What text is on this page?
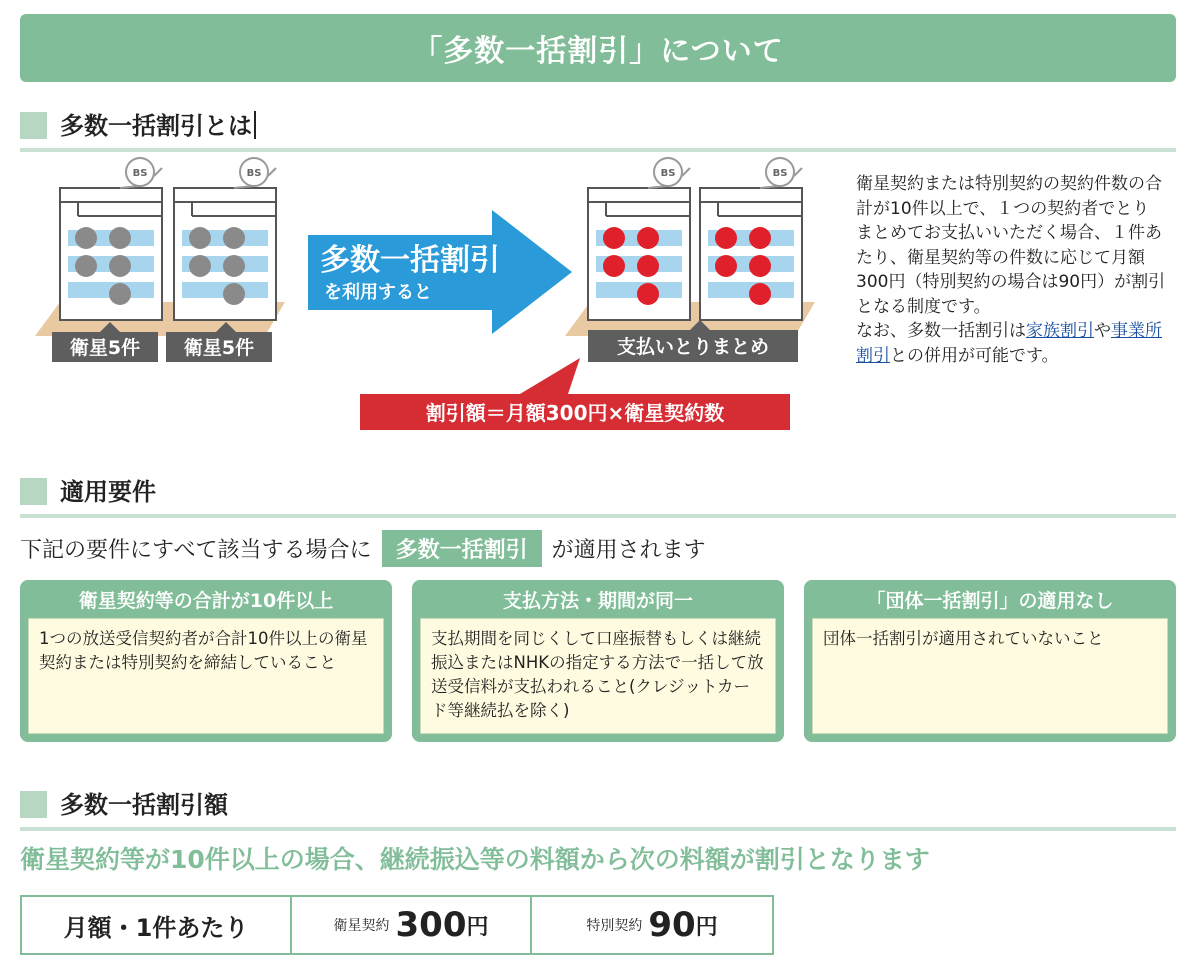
「多数一括割引」について
多数一括割引とは
BS	BS
衛星5件 衛星5件
多数一括割引
を利用すると
BS	BS
支払いとりまとめ
割引額＝月額300円×衛星契約数

衛星契約または特別契約の契約件数の合計が10件以上で、１つの契約者でとりまとめてお支払いいただく場合、１件あたり、衛星契約等の件数に応じて月額300円（特別契約の場合は90円）が割引となる制度です。

なお、多数一括割引は家族割引や事業所割引との併用が可能です。

適用要件
下記の要件にすべて該当する場合に	多数一括割引	が適用されます
衛星契約等の合計が10件以上
1つの放送受信契約者が合計10件以上の衛星契約または特別契約を締結していること
支払方法・期間が同一
支払期間を同じくして口座振替もしくは継続振込またはNHKの指定する方法で一括して放送受信料が支払われること(クレジットカード等継続払を除く)
「団体一括割引」の適用なし
団体一括割引が適用されていないこと
多数一括割引額
衛星契約等が10件以上の場合、継続振込等の料額から次の料額が割引となります
月額・1件あたり	衛星契約 300 円	特別契約 90 円
